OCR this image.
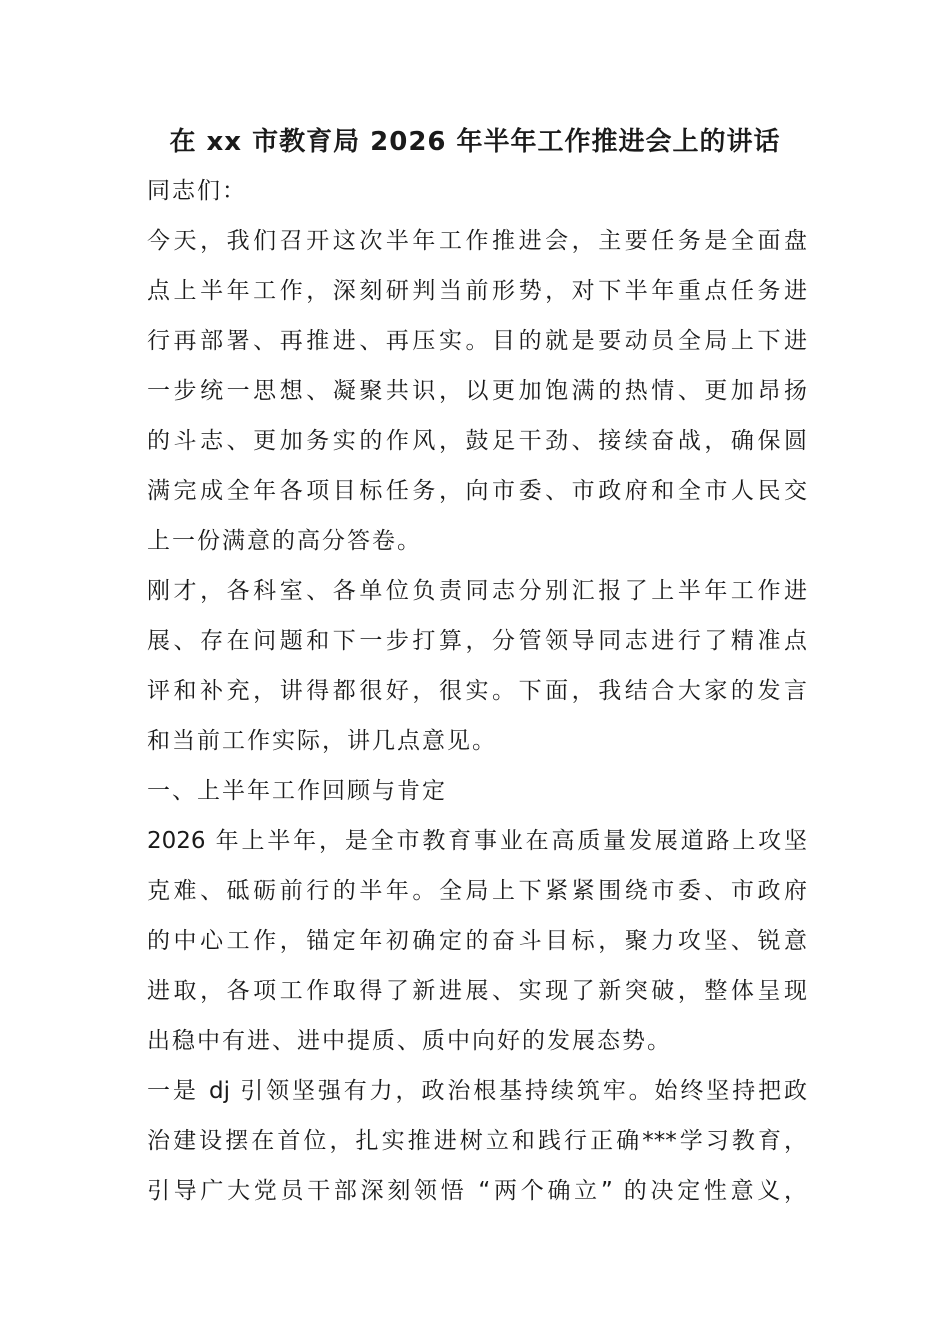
在 xx 市教育局 2026 年半年工作推进会上的讲话
同志们：
今天，我们召开这次半年工作推进会，主要任务是全面盘
点上半年工作，深刻研判当前形势，对下半年重点任务进
行再部署、再推进、再压实。目的就是要动员全局上下进
一步统一思想、凝聚共识，以更加饱满的热情、更加昂扬
的斗志、更加务实的作风，鼓足干劲、接续奋战，确保圆
满完成全年各项目标任务，向市委、市政府和全市人民交
上一份满意的高分答卷。
刚才，各科室、各单位负责同志分别汇报了上半年工作进
展、存在问题和下一步打算，分管领导同志进行了精准点
评和补充，讲得都很好，很实。下面，我结合大家的发言
和当前工作实际，讲几点意见。
一、上半年工作回顾与肯定
2026 年上半年，是全市教育事业在高质量发展道路上攻坚
克难、砥砺前行的半年。全局上下紧紧围绕市委、市政府
的中心工作，锚定年初确定的奋斗目标，聚力攻坚、锐意
进取，各项工作取得了新进展、实现了新突破，整体呈现
出稳中有进、进中提质、质中向好的发展态势。
一是 dj 引领坚强有力，政治根基持续筑牢。始终坚持把政
治建设摆在首位，扎实推进树立和践行正确***学习教育，
引导广大党员干部深刻领悟 “两个确立” 的决定性意义，
